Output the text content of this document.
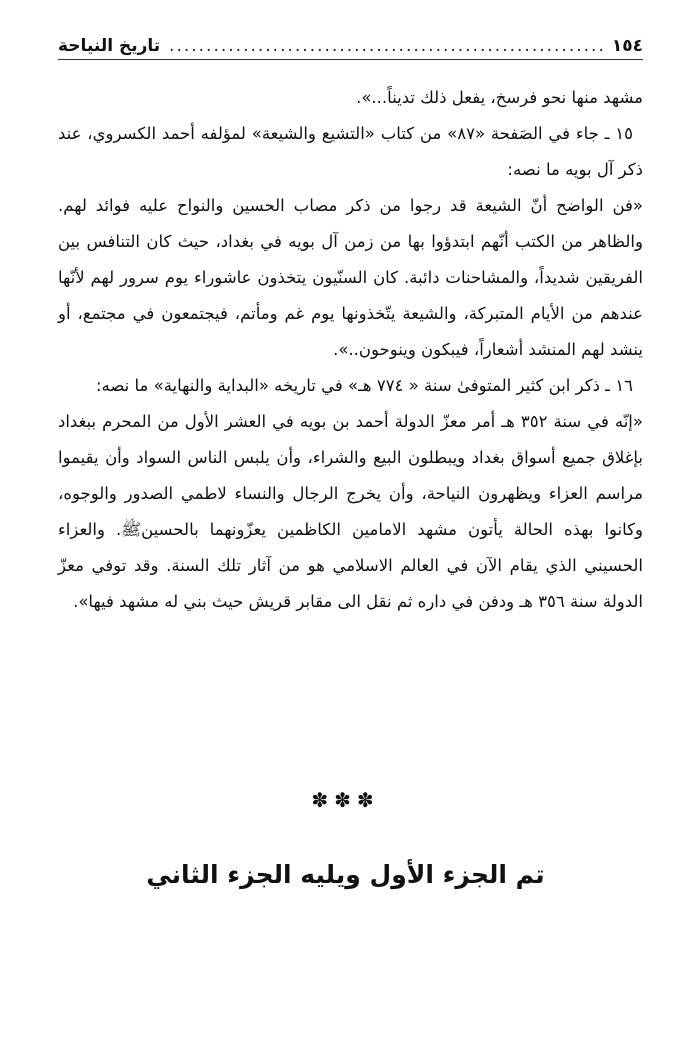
١٥٤
.....
تاريخ النياحة

مشهد منها نحو فرسخ، يفعل ذلك تديناً...».

١٥ ـ جاء في الصَفحة «٨٧» من كتاب «التشيع والشيعة» لمؤلفه أحمد الكسروي، عند ذكر آل بويه ما نصه:

«فن الواضح أنّ الشيعة قد رجوا من ذكر مصاب الحسين والنواح عليه فوائد لهم. والظاهر من الكتب أنّهم ابتدؤوا بها من زمن آل بويه في بغداد، حيث كان التنافس بين الفريقين شديداً، والمشاحنات دائبة. كان السنّيون يتخذون عاشوراء يوم سرور لهم لأنّها عندهم من الأيام المتبركة، والشيعة يتّخذونها يوم غم ومأتم، فيجتمعون في مجتمع، أو ينشد لهم المنشد أشعاراً، فيبكون وينوحون..».

١٦ ـ ذكر ابن كثير المتوفىٰ سنة « ٧٧٤ هـ» في تاريخه «البداية والنهاية» ما نصه:

«إنّه في سنة ٣٥٢ هـ أمر معزّ الدولة أحمد بن بويه في العشر الأول من المحرم ببغداد بإغلاق جميع أسواق بغداد ويبطلون البيع والشراء، وأن يلبس الناس السواد وأن يقيموا مراسم العزاء ويظهرون النياحة، وأن يخرج الرجال والنساء لاطمي الصدور والوجوه، وكانوا بهذه الحالة يأتون مشهد الامامين الكاظمين يعزّونهما بالحسينﷺ. والعزاء الحسيني الذي يقام الآن في العالم الاسلامي هو من آثار تلك السنة. وقد توفي معزّ الدولة سنة ٣٥٦ هـ ودفن في داره ثم نقل الى مقابر قريش حيث بني له مشهد فيها».

✽✽✽
تم الجزء الأول ويليه الجزء الثاني
